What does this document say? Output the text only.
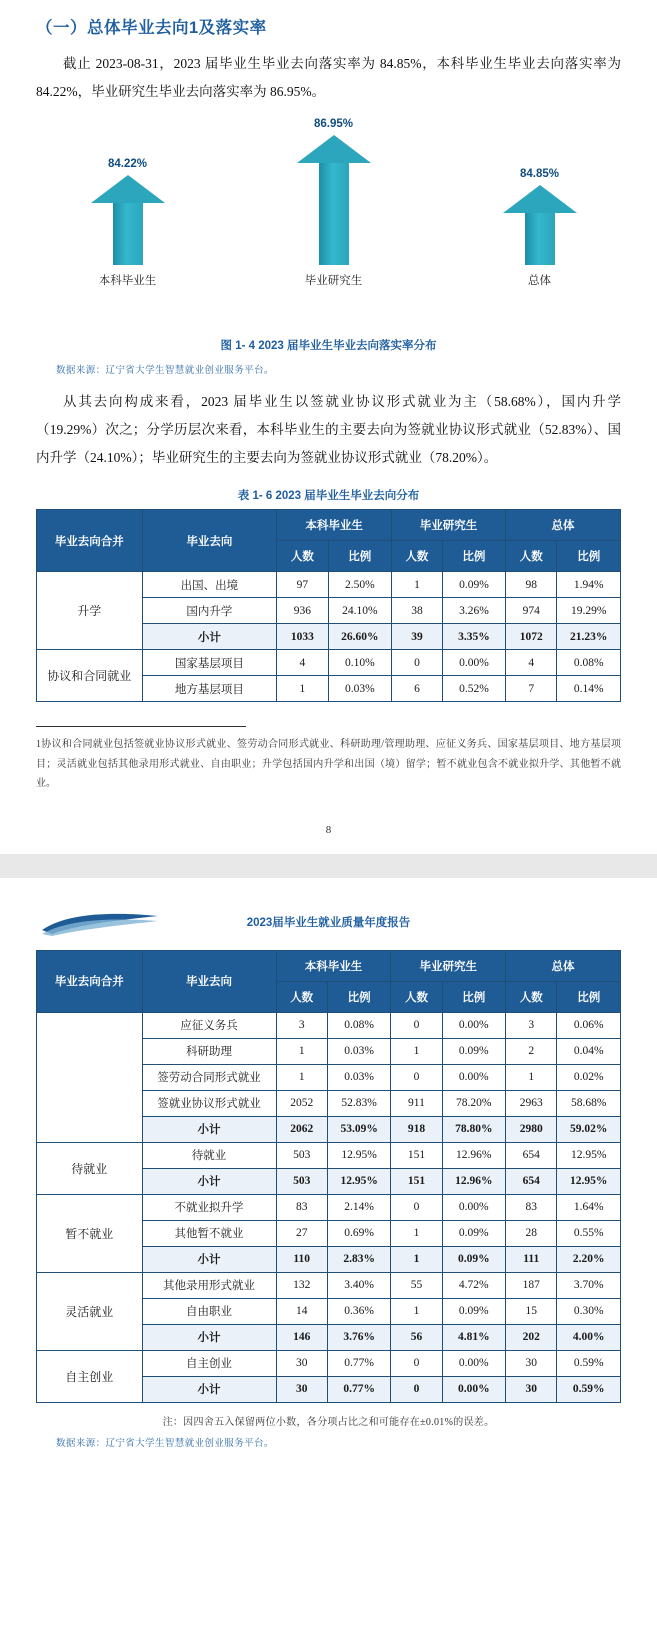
（一）总体毕业去向1及落实率

截止 2023-08-31，2023 届毕业生毕业去向落实率为 84.85%，本科毕业生毕业去向落实率为 84.22%，毕业研究生毕业去向落实率为 86.95%。

84.22%
本科毕业生
86.95%
毕业研究生
84.85%
总体
图 1- 4 2023 届毕业生毕业去向落实率分布
数据来源：辽宁省大学生智慧就业创业服务平台。

从其去向构成来看，2023 届毕业生以签就业协议形式就业为主（58.68%），国内升学（19.29%）次之；分学历层次来看，本科毕业生的主要去向为签就业协议形式就业（52.83%）、国内升学（24.10%）；毕业研究生的主要去向为签就业协议形式就业（78.20%）。

表 1- 6 2023 届毕业生毕业去向分布
毕业去向合并	毕业去向	本科毕业生		毕业研究生		总体	
		人数	比例	人数	比例	人数	比例
升学	出国、出境	97	2.50%	1	0.09%	98	1.94%
	国内升学	936	24.10%	38	3.26%	974	19.29%
	小计	1033	26.60%	39	3.35%	1072	21.23%
协议和合同就业	国家基层项目	4	0.10%	0	0.00%	4	0.08%
	地方基层项目	1	0.03%	6	0.52%	7	0.14%
1协议和合同就业包括签就业协议形式就业、签劳动合同形式就业、科研助理/管理助理、应征义务兵、国家基层项目、地方基层项目；灵活就业包括其他录用形式就业、自由职业；升学包括国内升学和出国（境）留学；暂不就业包含不就业拟升学、其他暂不就业。
8
2023届毕业生就业质量年度报告
毕业去向合并	毕业去向	本科毕业生		毕业研究生		总体	
		人数	比例	人数	比例	人数	比例
	应征义务兵	3	0.08%	0	0.00%	3	0.06%
	科研助理	1	0.03%	1	0.09%	2	0.04%
	签劳动合同形式就业	1	0.03%	0	0.00%	1	0.02%
	签就业协议形式就业	2052	52.83%	911	78.20%	2963	58.68%
	小计	2062	53.09%	918	78.80%	2980	59.02%
待就业	待就业	503	12.95%	151	12.96%	654	12.95%
	小计	503	12.95%	151	12.96%	654	12.95%
暂不就业	不就业拟升学	83	2.14%	0	0.00%	83	1.64%
	其他暂不就业	27	0.69%	1	0.09%	28	0.55%
	小计	110	2.83%	1	0.09%	111	2.20%
灵活就业	其他录用形式就业	132	3.40%	55	4.72%	187	3.70%
	自由职业	14	0.36%	1	0.09%	15	0.30%
	小计	146	3.76%	56	4.81%	202	4.00%
自主创业	自主创业	30	0.77%	0	0.00%	30	0.59%
	小计	30	0.77%	0	0.00%	30	0.59%
注：因四舍五入保留两位小数，各分项占比之和可能存在±0.01%的误差。
数据来源：辽宁省大学生智慧就业创业服务平台。
